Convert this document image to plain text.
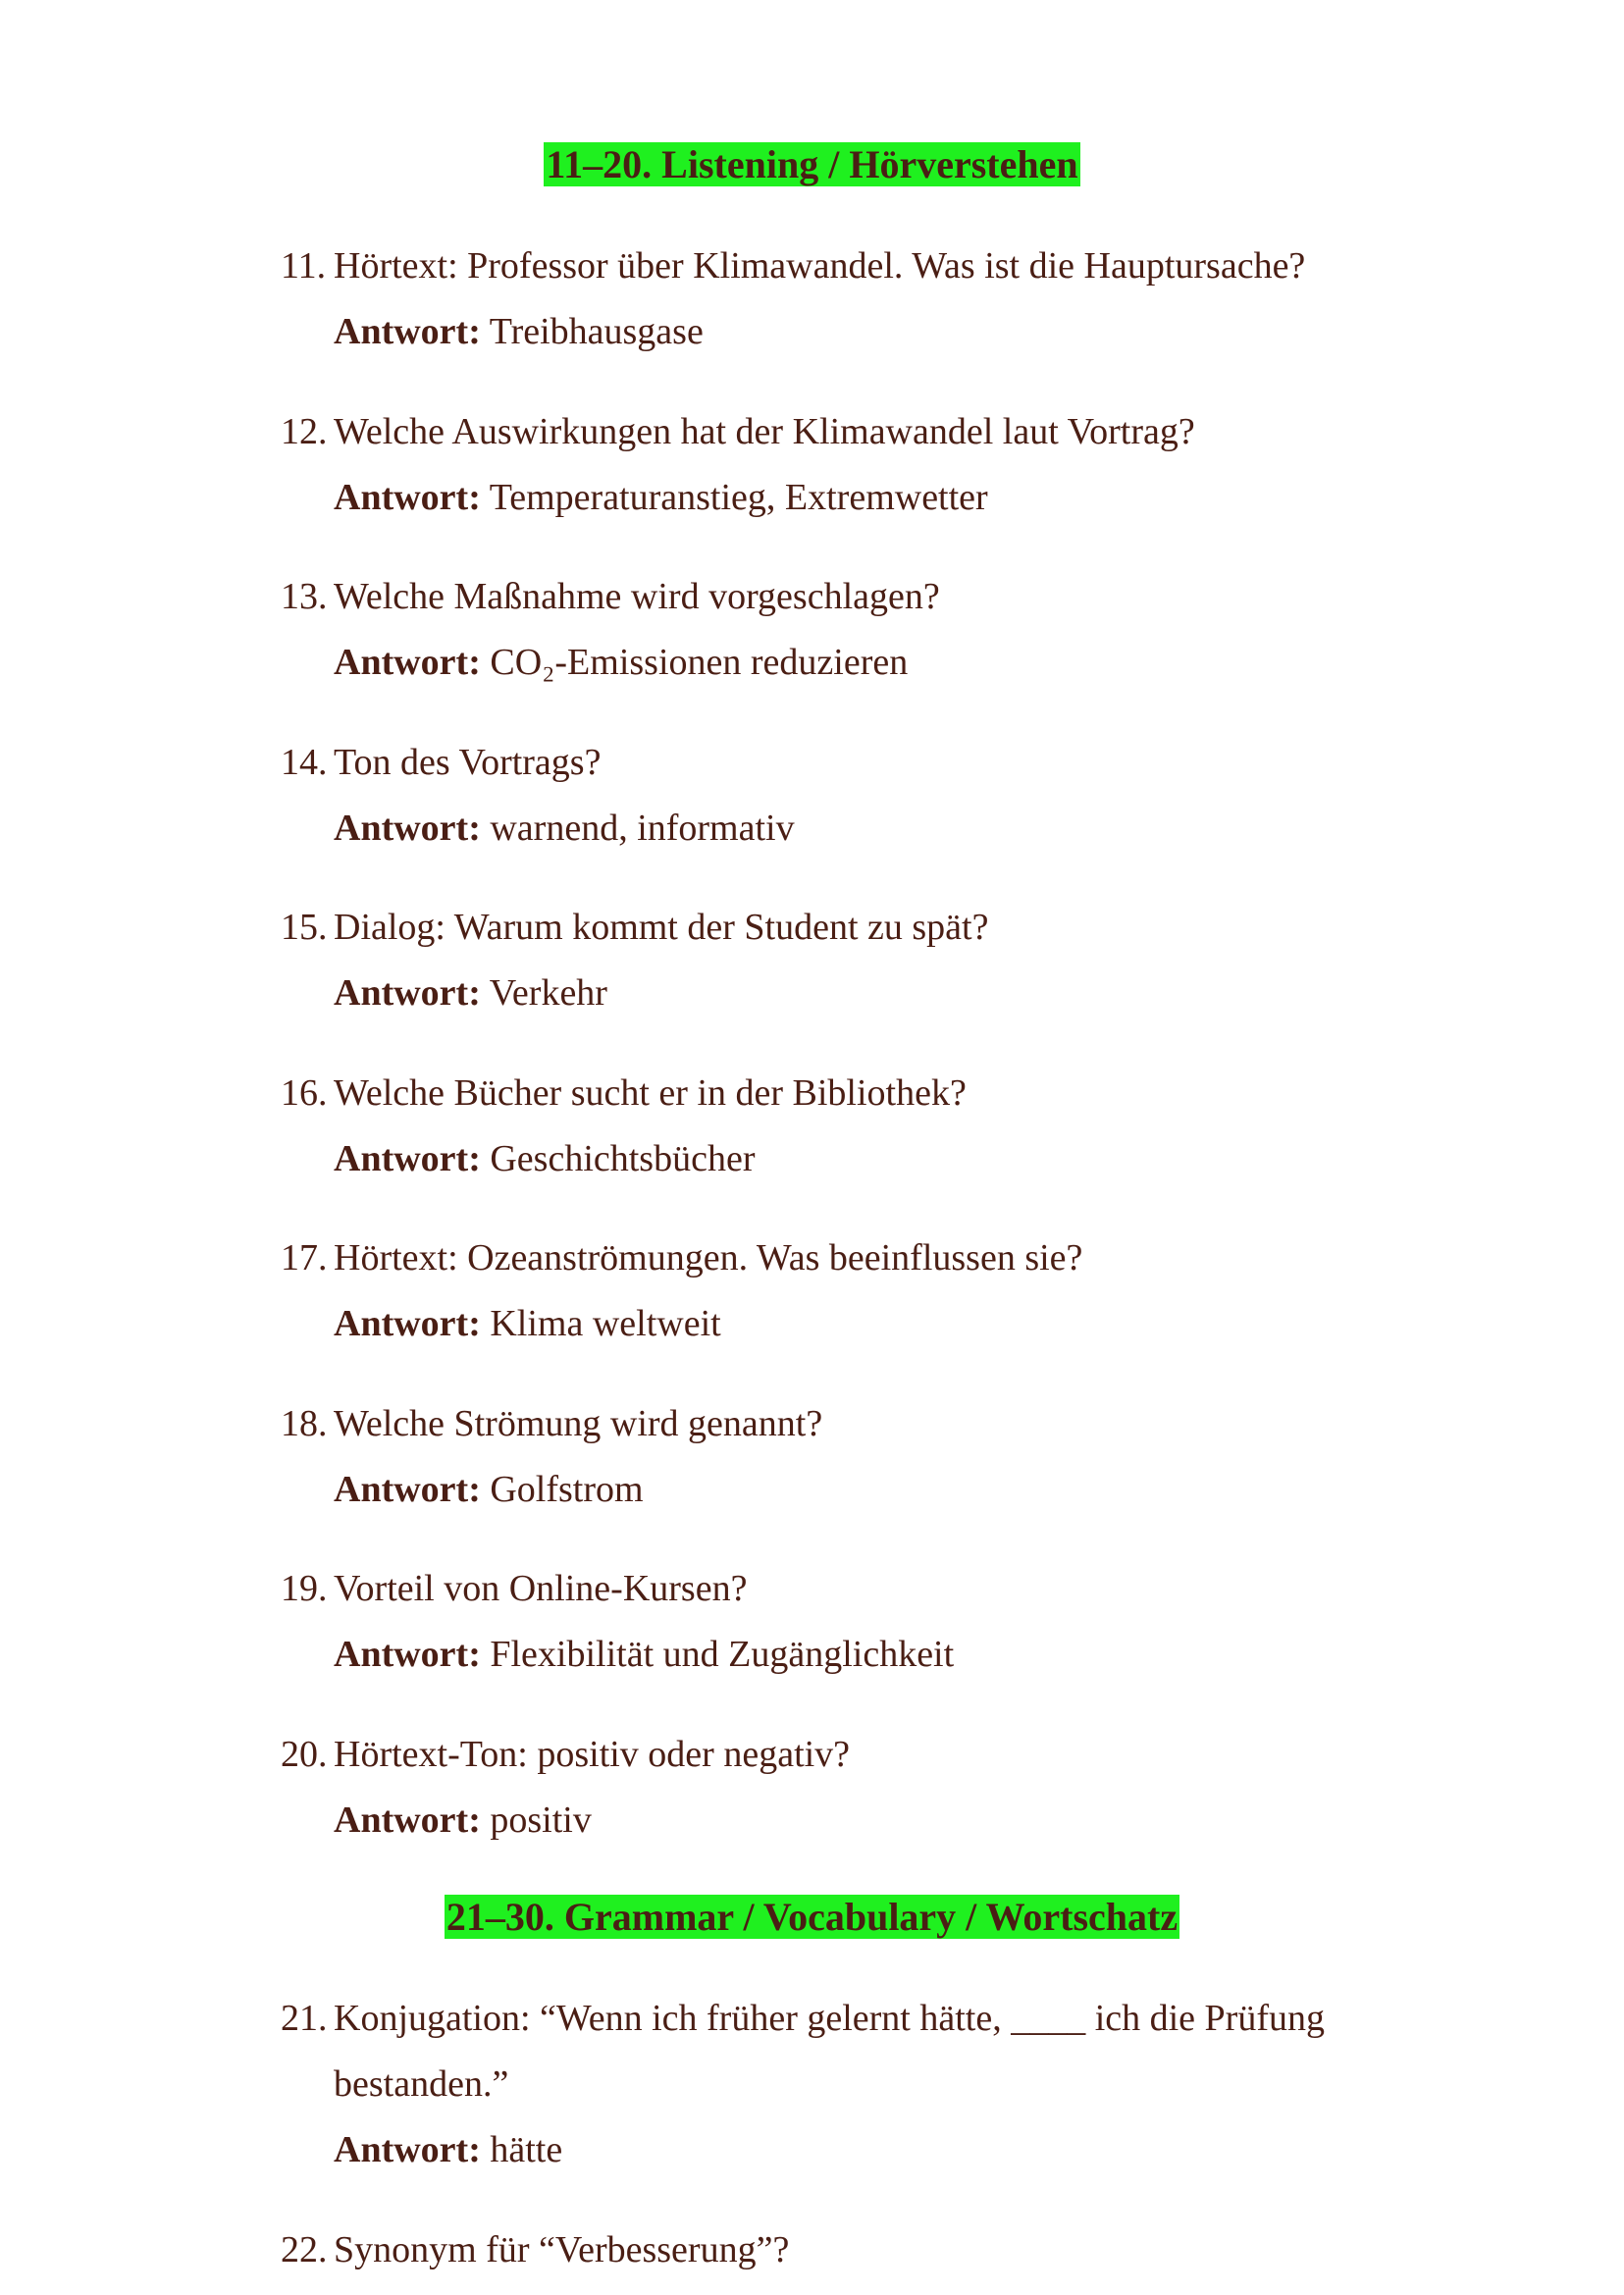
11–20. Listening / Hörverstehen
11. Hörtext: Professor über Klimawandel. Was ist die Hauptursache?
Antwort: Treibhausgase
12. Welche Auswirkungen hat der Klimawandel laut Vortrag?
Antwort: Temperaturanstieg, Extremwetter
13. Welche Maßnahme wird vorgeschlagen?
Antwort: CO₂-Emissionen reduzieren
14. Ton des Vortrags?
Antwort: warnend, informativ
15. Dialog: Warum kommt der Student zu spät?
Antwort: Verkehr
16. Welche Bücher sucht er in der Bibliothek?
Antwort: Geschichtsbücher
17. Hörtext: Ozeanströmungen. Was beeinflussen sie?
Antwort: Klima weltweit
18. Welche Strömung wird genannt?
Antwort: Golfstrom
19. Vorteil von Online-Kursen?
Antwort: Flexibilität und Zugänglichkeit
20. Hörtext-Ton: positiv oder negativ?
Antwort: positiv
21–30. Grammar / Vocabulary / Wortschatz
21. Konjugation: “Wenn ich früher gelernt hätte, ____ ich die Prüfung
bestanden.”
Antwort: hätte
22. Synonym für “Verbesserung”?
